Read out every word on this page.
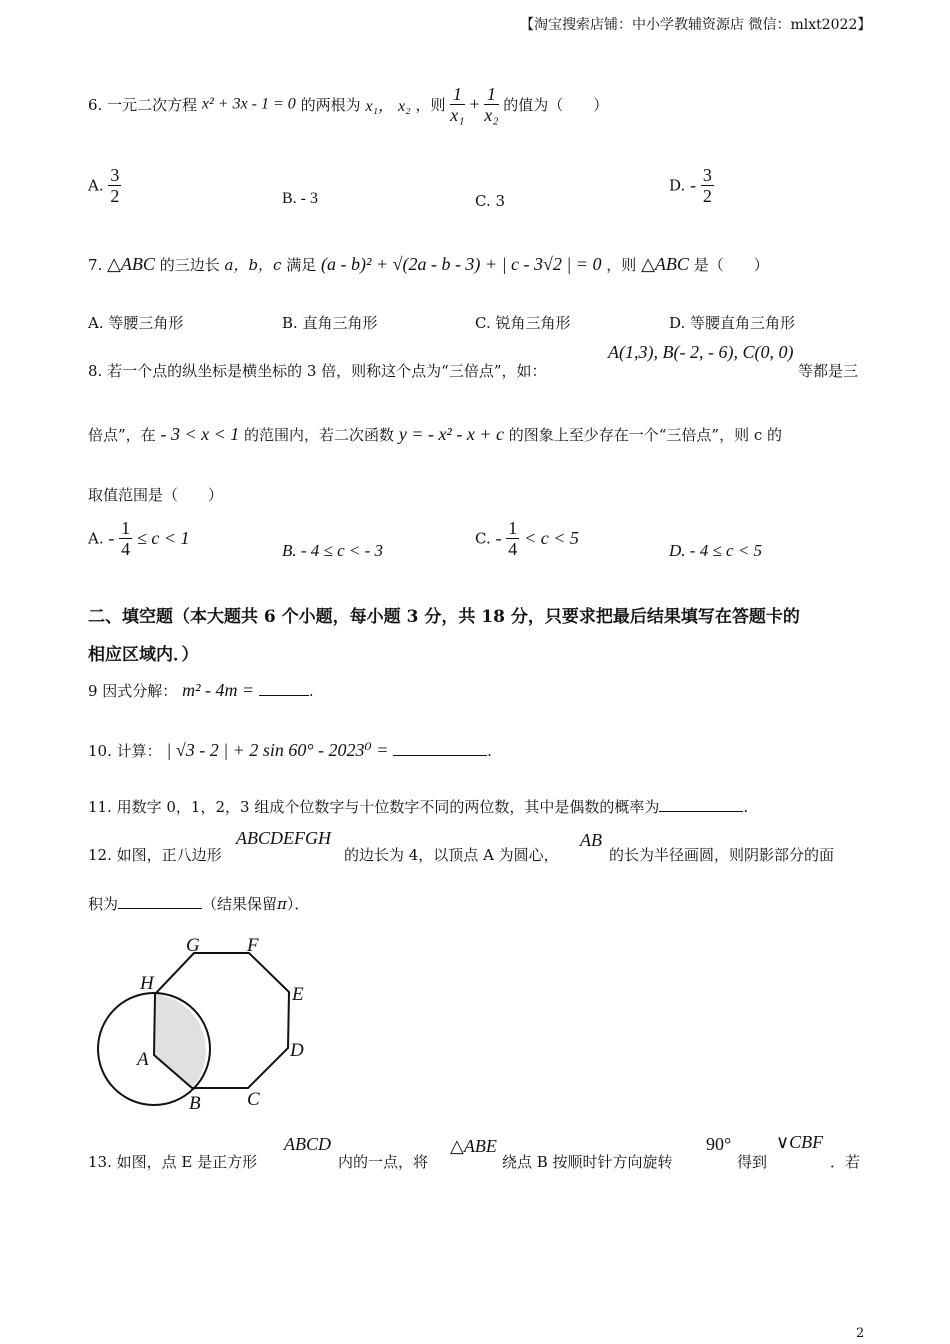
【淘宝搜索店铺：中小学教辅资源店 微信：mlxt2022】
6. 一元二次方程 x² + 3x - 1 = 0 的两根为 x₁， x₂ ，则 $\frac{1}{\text{x₁}} + \frac{1}{\text{x₂}}$ 的值为（　　）
A. $\frac{3}{2}$	B. - 3	C. 3
D. - $\frac{3}{2}$
7. △ABC 的三边长 a，b，c 满足 (a - b)² + √(2a - b - 3) + | c - 3√2 | = 0 ，则 △ABC 是（　　）
A. 等腰三角形	B. 直角三角形	C. 锐角三角形	D. 等腰直角三角形
8. 若一个点的纵坐标是横坐标的 3 倍，则称这个点为“三倍点”，如：
A(1,3), B(- 2, - 6), C(0, 0)
等都是三
倍点”，在 - 3 < x < 1 的范围内，若二次函数 y = - x² - x + c 的图象上至少存在一个“三倍点”，则 c 的
取值范围是（　　）
A. - $\frac{1}{4} \le c < 1$
B. - 4 ≤ c < - 3
C. - $\frac{1}{4} < c < 5$
D. - 4 ≤ c < 5
二、填空题（本大题共 6 个小题，每小题 3 分，共 18 分，只要求把最后结果填写在答题卡的
相应区域内．）
9 因式分解： m² - 4m =	.
10. 计算： | √3 - 2 | + 2 sin 60° - 2023⁰ =	.
11. 用数字 0，1，2，3 组成个位数字与十位数字不同的两位数，其中是偶数的概率为	.
12. 如图，正八边形
ABCDEFGH
的边长为 4，以顶点 A 为圆心，
AB
的长为半径画圆，则阴影部分的面
积为	（结果保留π）．
G F
H
E
A	D
B C
13. 如图，点 E 是正方形
ABCD
内的一点，将
△ABE
绕点 B 按顺时针方向旋转
90°
得到
∨CBF
．若
2
